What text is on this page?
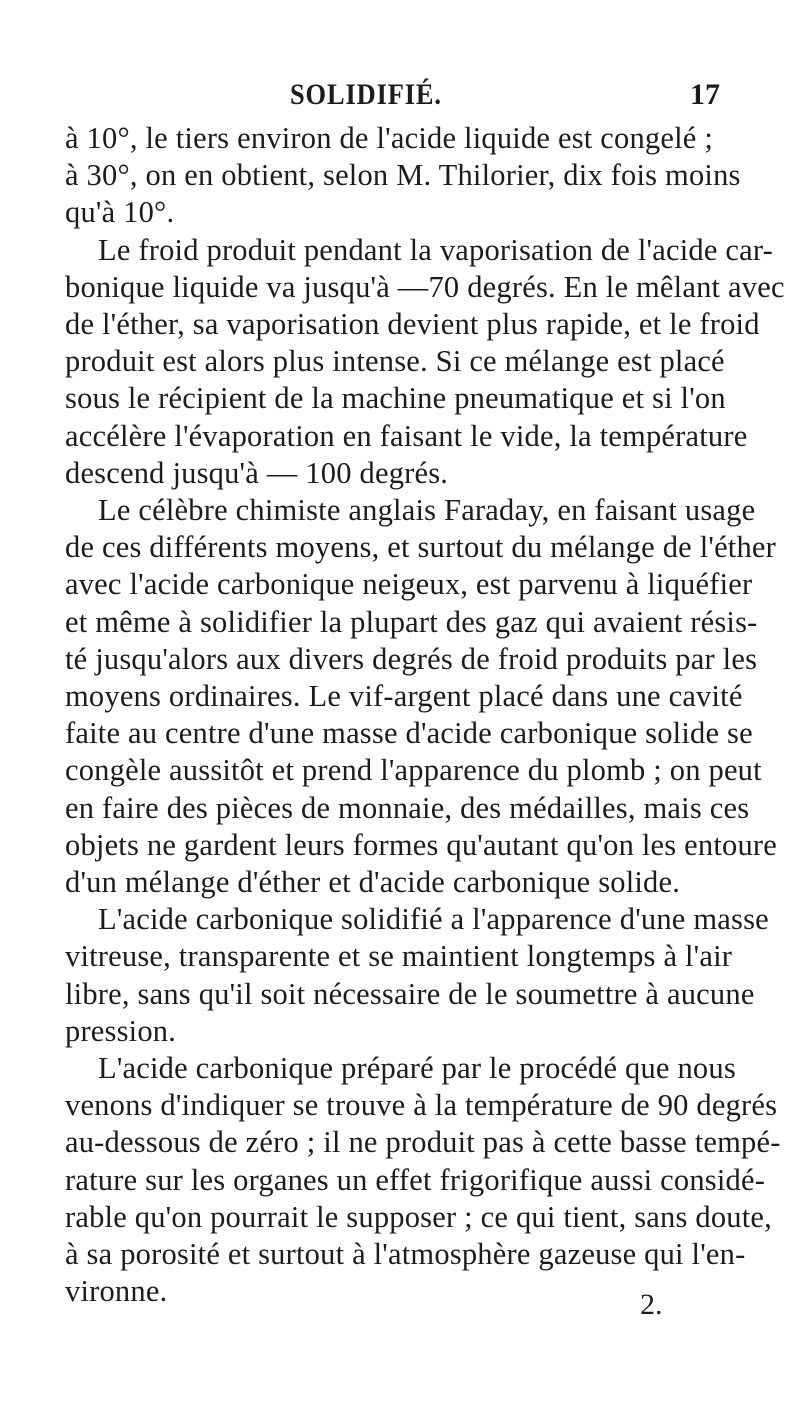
SOLIDIFIÉ.	17
à 10°, le tiers environ de l'acide liquide est congelé ;
à 30°, on en obtient, selon M. Thilorier, dix fois moins
qu'à 10°.
Le froid produit pendant la vaporisation de l'acide car-
bonique liquide va jusqu'à —70 degrés. En le mêlant avec
de l'éther, sa vaporisation devient plus rapide, et le froid
produit est alors plus intense. Si ce mélange est placé
sous le récipient de la machine pneumatique et si l'on
accélère l'évaporation en faisant le vide, la température
descend jusqu'à — 100 degrés.
Le célèbre chimiste anglais Faraday, en faisant usage
de ces différents moyens, et surtout du mélange de l'éther
avec l'acide carbonique neigeux, est parvenu à liquéfier
et même à solidifier la plupart des gaz qui avaient résis-
té jusqu'alors aux divers degrés de froid produits par les
moyens ordinaires. Le vif-argent placé dans une cavité
faite au centre d'une masse d'acide carbonique solide se
congèle aussitôt et prend l'apparence du plomb ; on peut
en faire des pièces de monnaie, des médailles, mais ces
objets ne gardent leurs formes qu'autant qu'on les entoure
d'un mélange d'éther et d'acide carbonique solide.
L'acide carbonique solidifié a l'apparence d'une masse
vitreuse, transparente et se maintient longtemps à l'air
libre, sans qu'il soit nécessaire de le soumettre à aucune
pression.
L'acide carbonique préparé par le procédé que nous
venons d'indiquer se trouve à la température de 90 degrés
au-dessous de zéro ; il ne produit pas à cette basse tempé-
rature sur les organes un effet frigorifique aussi considé-
rable qu'on pourrait le supposer ; ce qui tient, sans doute,
à sa porosité et surtout à l'atmosphère gazeuse qui l'en-
vironne.	2.
